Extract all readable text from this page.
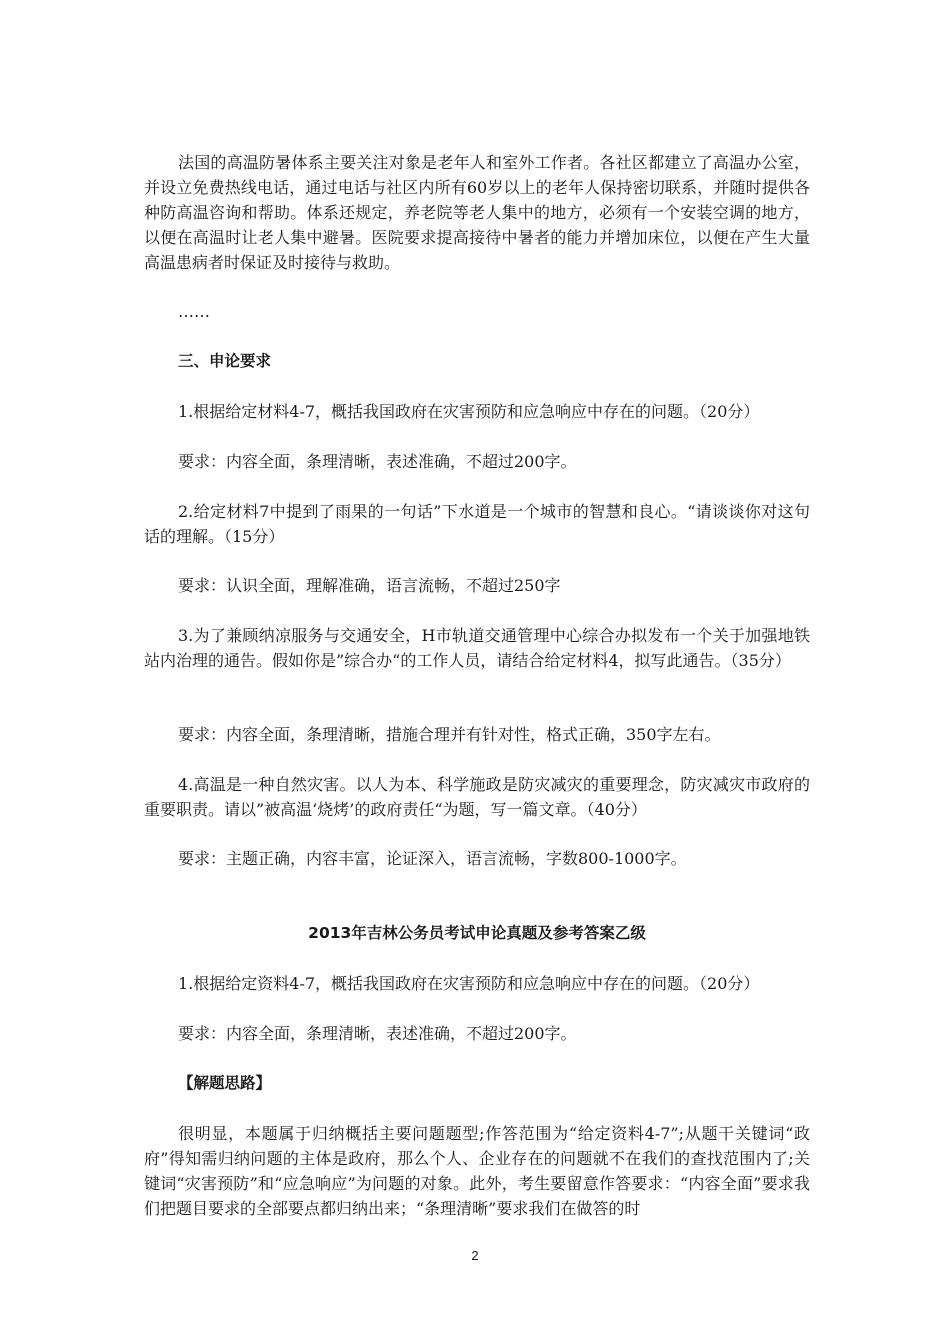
法国的高温防暑体系主要关注对象是老年人和室外工作者。各社区都建立了高温办公室，并设立免费热线电话，通过电话与社区内所有60岁以上的老年人保持密切联系，并随时提供各种防高温咨询和帮助。体系还规定，养老院等老人集中的地方，必须有一个安装空调的地方，以便在高温时让老人集中避暑。医院要求提高接待中暑者的能力并增加床位，以便在产生大量高温患病者时保证及时接待与救助。

……

三、申论要求

1.根据给定材料4-7，概括我国政府在灾害预防和应急响应中存在的问题。（20分）

要求：内容全面，条理清晰，表述准确，不超过200字。

2.给定材料7中提到了雨果的一句话”下水道是一个城市的智慧和良心。“请谈谈你对这句话的理解。（15分）

要求：认识全面，理解准确，语言流畅，不超过250字

3.为了兼顾纳凉服务与交通安全，H市轨道交通管理中心综合办拟发布一个关于加强地铁站内治理的通告。假如你是”综合办“的工作人员，请结合给定材料4，拟写此通告。（35分）

要求：内容全面，条理清晰，措施合理并有针对性，格式正确，350字左右。

4.高温是一种自然灾害。以人为本、科学施政是防灾减灾的重要理念，防灾减灾市政府的重要职责。请以”被高温‘烧烤’的政府责任“为题，写一篇文章。（40分）

要求：主题正确，内容丰富，论证深入，语言流畅，字数800-1000字。

2013年吉林公务员考试申论真题及参考答案乙级

1.根据给定资料4-7，概括我国政府在灾害预防和应急响应中存在的问题。（20分）

要求：内容全面，条理清晰，表述准确，不超过200字。

【解题思路】

很明显，本题属于归纳概括主要问题题型;作答范围为“给定资料4-7”;从题干关键词“政府”得知需归纳问题的主体是政府，那么个人、企业存在的问题就不在我们的查找范围内了;关键词“灾害预防”和“应急响应”为问题的对象。此外，考生要留意作答要求：“内容全面”要求我们把题目要求的全部要点都归纳出来；“条理清晰”要求我们在做答的时

2
